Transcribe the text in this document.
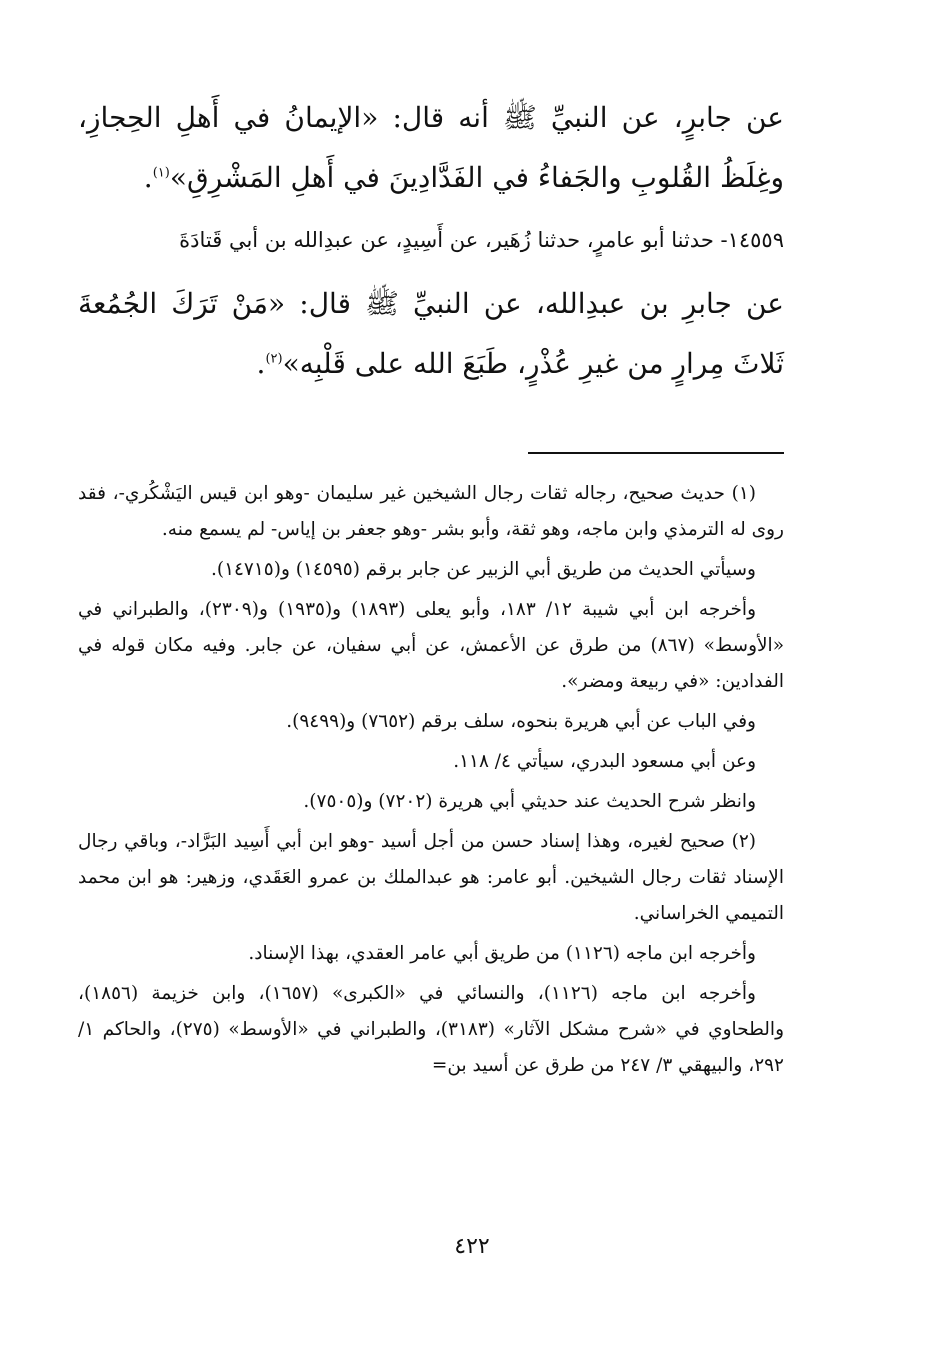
عن جابرٍ، عن النبيِّ ﷺ أنه قال: «الإيمانُ في أَهلِ الحِجازِ، وغِلَظُ القُلوبِ والجَفاءُ في الفَدَّادِينَ في أَهلِ المَشْرِقِ»$^{(١)}$.

١٤٥٥٩- حدثنا أبو عامرٍ، حدثنا زُهَير، عن أَسِيدٍ، عن عبدِالله بن أبي قَتادَةَ

عن جابرِ بن عبدِالله، عن النبيِّ ﷺ قال: «مَنْ تَرَكَ الجُمُعةَ ثَلاثَ مِرارٍ من غيرِ عُذْرٍ، طَبَعَ الله على قَلْبِه»$^{(٢)}$.

(١) حديث صحيح، رجاله ثقات رجال الشيخين غير سليمان -وهو ابن قيس اليَشْكُري-، فقد روى له الترمذي وابن ماجه، وهو ثقة، وأبو بشر -وهو جعفر بن إياس- لم يسمع منه.

وسيأتي الحديث من طريق أبي الزبير عن جابر برقم (١٤٥٩٥) و(١٤٧١٥).

وأخرجه ابن أبي شيبة ١٢/ ١٨٣، وأبو يعلى (١٨٩٣) و(١٩٣٥) و(٢٣٠٩)، والطبراني في «الأوسط» (٨٦٧) من طرق عن الأعمش، عن أبي سفيان، عن جابر. وفيه مكان قوله في الفدادين: «في ربيعة ومضر».

وفي الباب عن أبي هريرة بنحوه، سلف برقم (٧٦٥٢) و(٩٤٩٩).

وعن أبي مسعود البدري، سيأتي ٤/ ١١٨.

وانظر شرح الحديث عند حديثي أبي هريرة (٧٢٠٢) و(٧٥٠٥).

(٢) صحيح لغيره، وهذا إسناد حسن من أجل أسيد -وهو ابن أبي أَسِيد البَرَّاد-، وباقي رجال الإسناد ثقات رجال الشيخين. أبو عامر: هو عبدالملك بن عمرو العَقَدي، وزهير: هو ابن محمد التميمي الخراساني.

وأخرجه ابن ماجه (١١٢٦) من طريق أبي عامر العقدي، بهذا الإسناد.

وأخرجه ابن ماجه (١١٢٦)، والنسائي في «الكبرى» (١٦٥٧)، وابن خزيمة (١٨٥٦)، والطحاوي في «شرح مشكل الآثار» (٣١٨٣)، والطبراني في «الأوسط» (٢٧٥)، والحاكم ١/ ٢٩٢، والبيهقي ٣/ ٢٤٧ من طرق عن أسيد بن=

٤٢٢
